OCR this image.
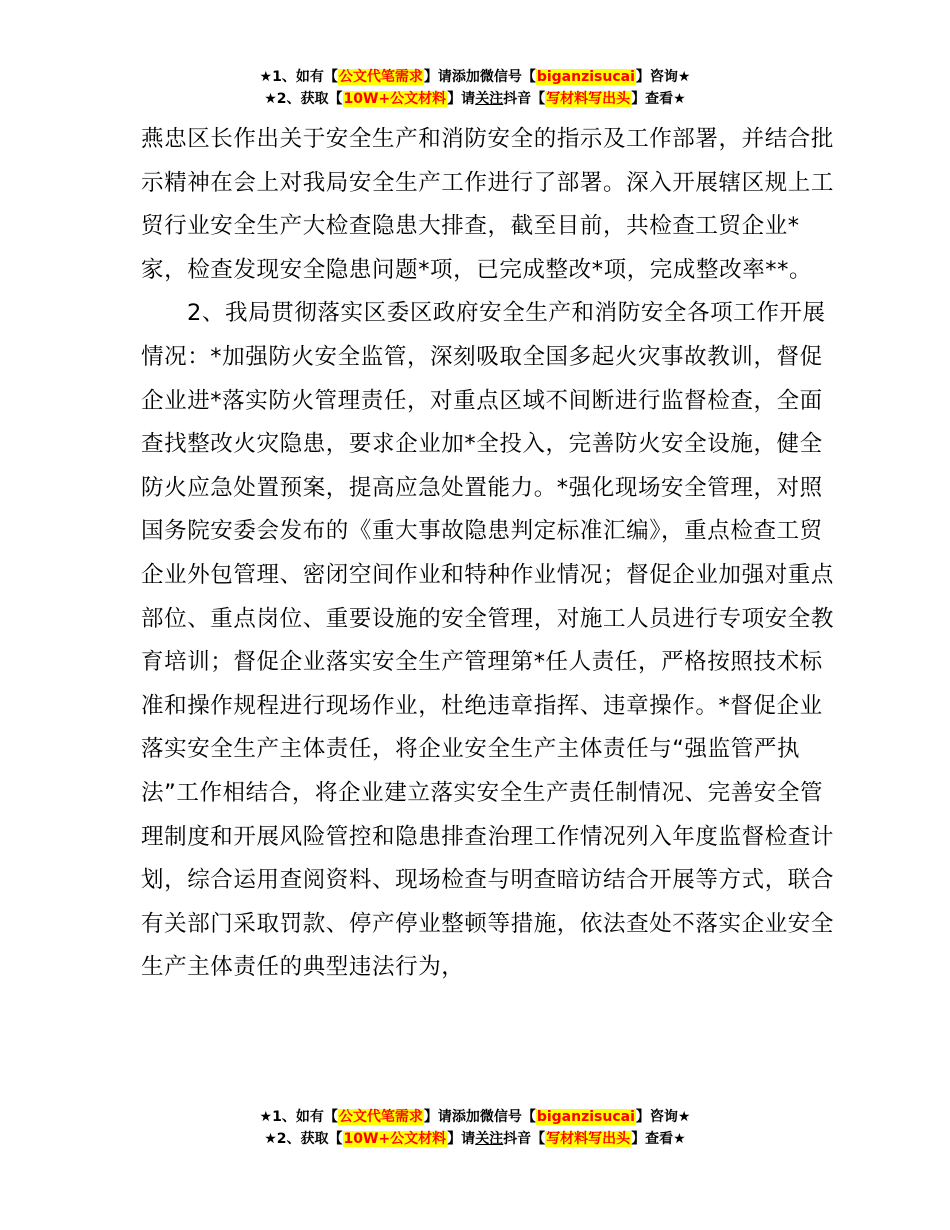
★1、如有【公文代笔需求】请添加微信号【biganzisucai】咨询★
★2、获取【10W+公文材料】请关注抖音【写材料写出头】查看★

燕忠区长作出关于安全生产和消防安全的指示及工作部署，并结合批示精神在会上对我局安全生产工作进行了部署。深入开展辖区规上工贸行业安全生产大检查隐患大排查，截至目前，共检查工贸企业*家，检查发现安全隐患问题*项，已完成整改*项，完成整改率**。

2、我局贯彻落实区委区政府安全生产和消防安全各项工作开展情况：*加强防火安全监管，深刻吸取全国多起火灾事故教训，督促企业进*落实防火管理责任，对重点区域不间断进行监督检查，全面查找整改火灾隐患，要求企业加*全投入，完善防火安全设施，健全防火应急处置预案，提高应急处置能力。*强化现场安全管理，对照国务院安委会发布的《重大事故隐患判定标准汇编》，重点检查工贸企业外包管理、密闭空间作业和特种作业情况；督促企业加强对重点部位、重点岗位、重要设施的安全管理，对施工人员进行专项安全教育培训；督促企业落实安全生产管理第*任人责任，严格按照技术标准和操作规程进行现场作业，杜绝违章指挥、违章操作。*督促企业落实安全生产主体责任，将企业安全生产主体责任与“强监管严执法”工作相结合，将企业建立落实安全生产责任制情况、完善安全管理制度和开展风险管控和隐患排查治理工作情况列入年度监督检查计划，综合运用查阅资料、现场检查与明查暗访结合开展等方式，联合有关部门采取罚款、停产停业整顿等措施，依法查处不落实企业安全生产主体责任的典型违法行为，

★1、如有【公文代笔需求】请添加微信号【biganzisucai】咨询★
★2、获取【10W+公文材料】请关注抖音【写材料写出头】查看★
